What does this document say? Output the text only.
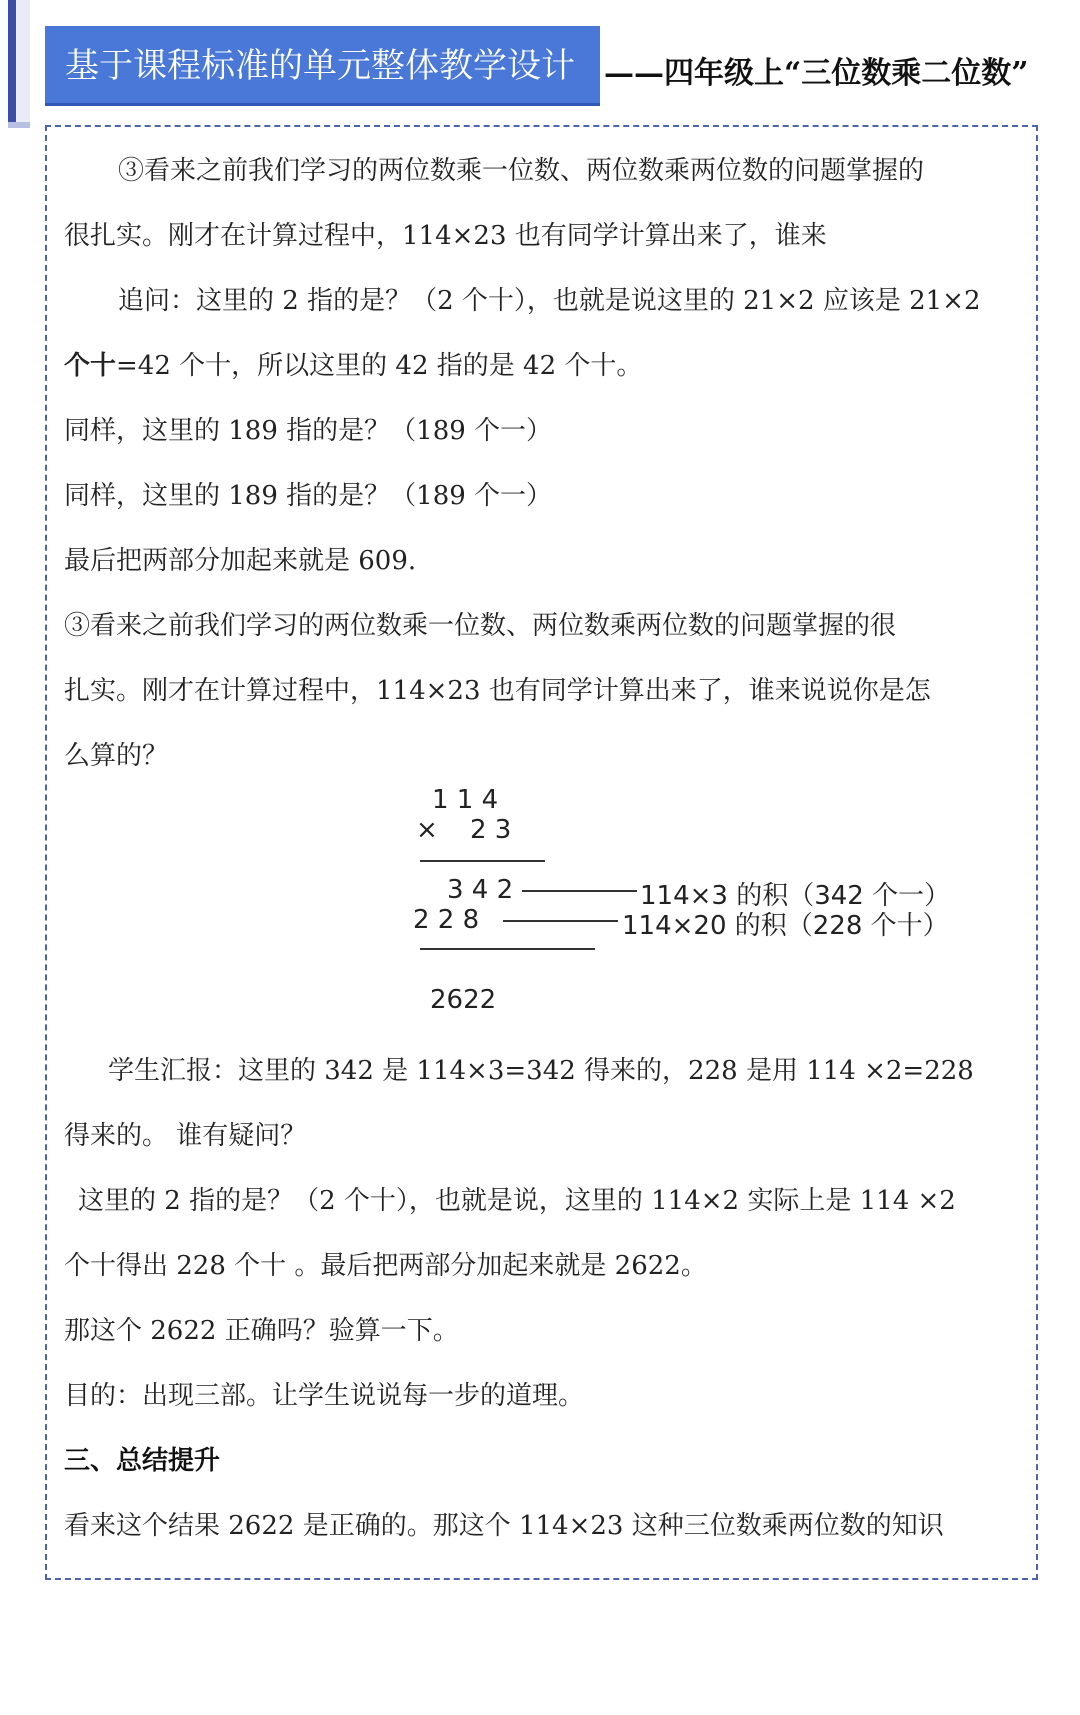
基于课程标准的单元整体教学设计 ——四年级上“三位数乘二位数”
③看来之前我们学习的两位数乘一位数、两位数乘两位数的问题掌握的
很扎实。刚才在计算过程中，114×23 也有同学计算出来了，谁来
追问：这里的 2 指的是？（2 个十），也就是说这里的 21×2 应该是 21×2
个十=42 个十，所以这里的 42 指的是 42 个十。
同样，这里的 189 指的是？（189 个一）
同样，这里的 189 指的是？（189 个一）
最后把两部分加起来就是 609.
③看来之前我们学习的两位数乘一位数、两位数乘两位数的问题掌握的很
扎实。刚才在计算过程中，114×23 也有同学计算出来了，谁来说说你是怎
么算的？
1 1 4
× 2 3
3 4 2	114×3 的积（342 个一）
2 2 8	114×20 的积（228 个十）
2622
学生汇报：这里的 342 是 114×3=342 得来的，228 是用 114 ×2=228
得来的。 谁有疑问？
这里的 2 指的是？（2 个十），也就是说，这里的 114×2 实际上是 114 ×2
个十得出 228 个十 。最后把两部分加起来就是 2622。
那这个 2622 正确吗？验算一下。
目的：出现三部。让学生说说每一步的道理。
三、总结提升
看来这个结果 2622 是正确的。那这个 114×23 这种三位数乘两位数的知识
